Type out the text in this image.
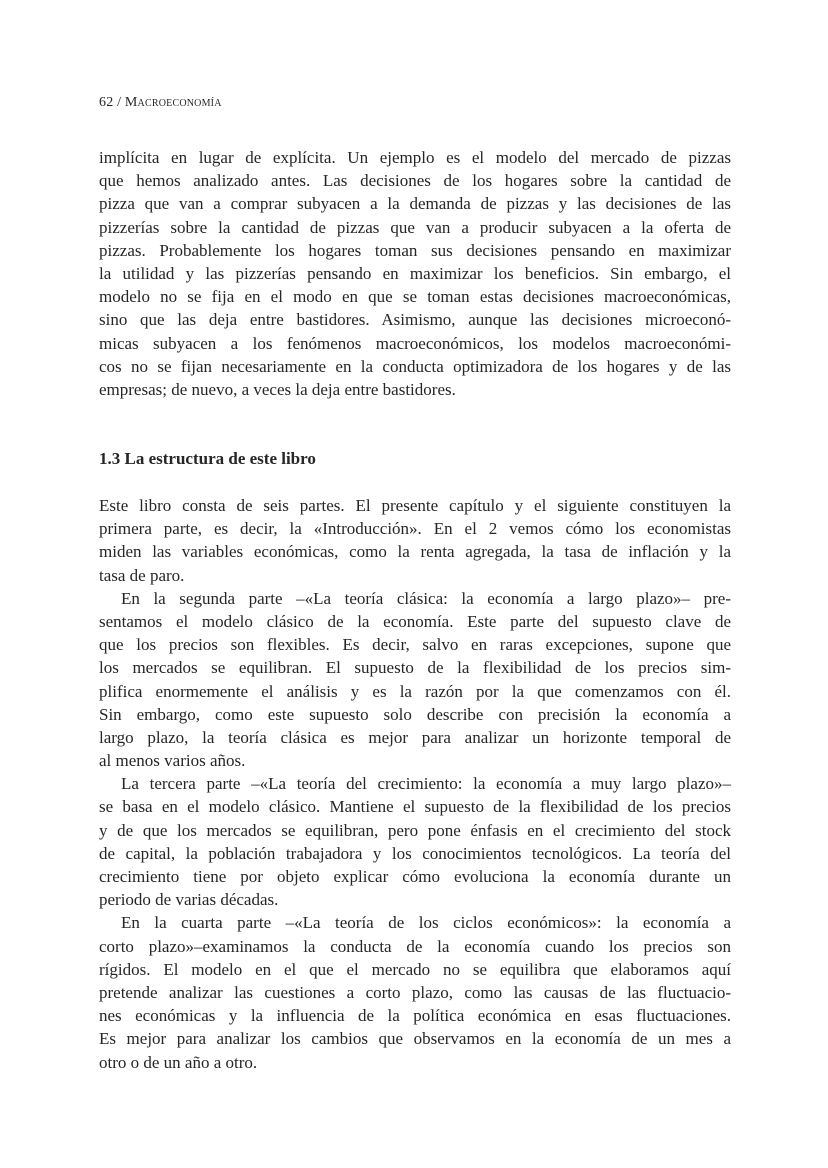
62 / Macroeconomía
implícita en lugar de explícita. Un ejemplo es el modelo del mercado de pizzas
que hemos analizado antes. Las decisiones de los hogares sobre la cantidad de
pizza que van a comprar subyacen a la demanda de pizzas y las decisiones de las
pizzerías sobre la cantidad de pizzas que van a producir subyacen a la oferta de
pizzas. Probablemente los hogares toman sus decisiones pensando en maximizar
la utilidad y las pizzerías pensando en maximizar los beneficios. Sin embargo, el
modelo no se fija en el modo en que se toman estas decisiones macroeconómicas,
sino que las deja entre bastidores. Asimismo, aunque las decisiones microeconó-
micas subyacen a los fenómenos macroeconómicos, los modelos macroeconómi-
cos no se fijan necesariamente en la conducta optimizadora de los hogares y de las
empresas; de nuevo, a veces la deja entre bastidores.
1.3 La estructura de este libro
Este libro consta de seis partes. El presente capítulo y el siguiente constituyen la
primera parte, es decir, la «Introducción». En el 2 vemos cómo los economistas
miden las variables económicas, como la renta agregada, la tasa de inflación y la
tasa de paro.
En la segunda parte –«La teoría clásica: la economía a largo plazo»– pre-
sentamos el modelo clásico de la economía. Este parte del supuesto clave de
que los precios son flexibles. Es decir, salvo en raras excepciones, supone que
los mercados se equilibran. El supuesto de la flexibilidad de los precios sim-
plifica enormemente el análisis y es la razón por la que comenzamos con él.
Sin embargo, como este supuesto solo describe con precisión la economía a
largo plazo, la teoría clásica es mejor para analizar un horizonte temporal de
al menos varios años.
La tercera parte –«La teoría del crecimiento: la economía a muy largo plazo»–
se basa en el modelo clásico. Mantiene el supuesto de la flexibilidad de los precios
y de que los mercados se equilibran, pero pone énfasis en el crecimiento del stock
de capital, la población trabajadora y los conocimientos tecnológicos. La teoría del
crecimiento tiene por objeto explicar cómo evoluciona la economía durante un
periodo de varias décadas.
En la cuarta parte –«La teoría de los ciclos económicos»: la economía a
corto plazo»–examinamos la conducta de la economía cuando los precios son
rígidos. El modelo en el que el mercado no se equilibra que elaboramos aquí
pretende analizar las cuestiones a corto plazo, como las causas de las fluctuacio-
nes económicas y la influencia de la política económica en esas fluctuaciones.
Es mejor para analizar los cambios que observamos en la economía de un mes a
otro o de un año a otro.
